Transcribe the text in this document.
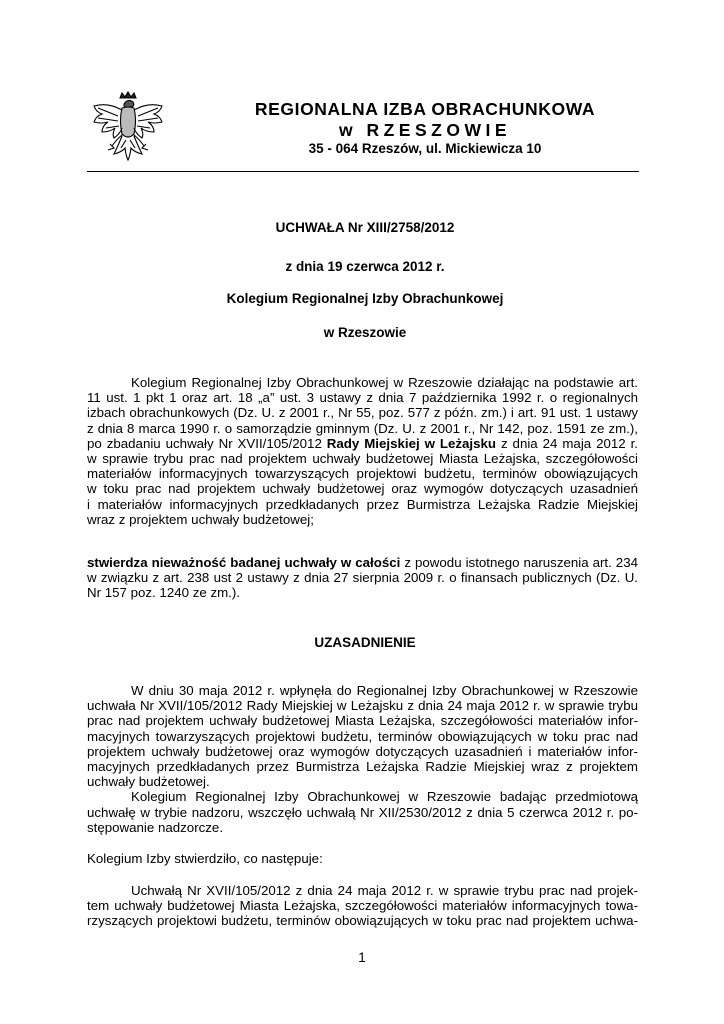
REGIONALNA IZBA OBRACHUNKOWA
w RZESZOWIE
35 - 064 Rzeszów, ul. Mickiewicza 10
UCHWAŁA Nr XIII/2758/2012
z dnia 19 czerwca 2012 r.
Kolegium Regionalnej Izby Obrachunkowej
w Rzeszowie
Kolegium Regionalnej Izby Obrachunkowej w Rzeszowie działając na podstawie art.
11 ust. 1 pkt 1 oraz art. 18 „a” ust. 3 ustawy z dnia 7 października 1992 r. o regionalnych
izbach obrachunkowych (Dz. U. z 2001 r., Nr 55, poz. 577 z późn. zm.) i art. 91 ust. 1 ustawy
z dnia 8 marca 1990 r. o samorządzie gminnym (Dz. U. z 2001 r., Nr 142, poz. 1591 ze zm.),
po zbadaniu uchwały Nr XVII/105/2012 Rady Miejskiej w Leżajsku z dnia 24 maja 2012 r.
w sprawie trybu prac nad projektem uchwały budżetowej Miasta Leżajska, szczegółowości
materiałów informacyjnych towarzyszących projektowi budżetu, terminów obowiązujących
w toku prac nad projektem uchwały budżetowej oraz wymogów dotyczących uzasadnień
i materiałów informacyjnych przedkładanych przez Burmistrza Leżajska Radzie Miejskiej
wraz z projektem uchwały budżetowej;
stwierdza nieważność badanej uchwały w całości z powodu istotnego naruszenia art. 234
w związku z art. 238 ust 2 ustawy z dnia 27 sierpnia 2009 r. o finansach publicznych (Dz. U.
Nr 157 poz. 1240 ze zm.).
UZASADNIENIE
W dniu 30 maja 2012 r. wpłynęła do Regionalnej Izby Obrachunkowej w Rzeszowie
uchwała Nr XVII/105/2012 Rady Miejskiej w Leżajsku z dnia 24 maja 2012 r. w sprawie trybu
prac nad projektem uchwały budżetowej Miasta Leżajska, szczegółowości materiałów infor-
macyjnych towarzyszących projektowi budżetu, terminów obowiązujących w toku prac nad
projektem uchwały budżetowej oraz wymogów dotyczących uzasadnień i materiałów infor-
macyjnych przedkładanych przez Burmistrza Leżajska Radzie Miejskiej wraz z projektem
uchwały budżetowej.
Kolegium Regionalnej Izby Obrachunkowej w Rzeszowie badając przedmiotową
uchwałę w trybie nadzoru, wszczęło uchwałą Nr XII/2530/2012 z dnia 5 czerwca 2012 r. po-
stępowanie nadzorcze.
Kolegium Izby stwierdziło, co następuje:
Uchwałą Nr XVII/105/2012 z dnia 24 maja 2012 r. w sprawie trybu prac nad projek-
tem uchwały budżetowej Miasta Leżajska, szczegółowości materiałów informacyjnych towa-
rzyszących projektowi budżetu, terminów obowiązujących w toku prac nad projektem uchwa-
1
